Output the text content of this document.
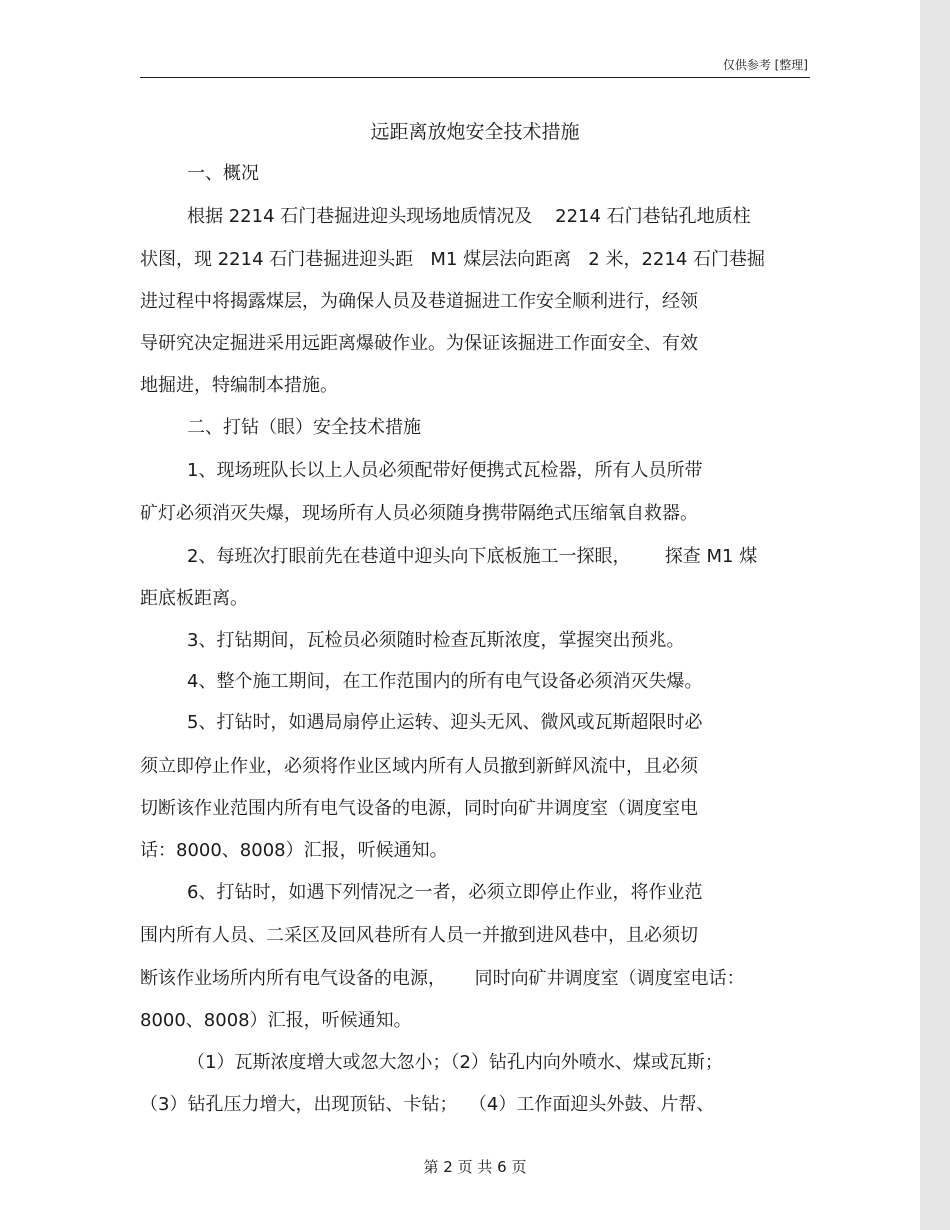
仅供参考 [整理]
远距离放炮安全技术措施
一、概况
根据 2214 石门巷掘进迎头现场地质情况及    2214 石门巷钻孔地质柱
状图，现 2214 石门巷掘进迎头距   M1 煤层法向距离   2 米，2214 石门巷掘
进过程中将揭露煤层，为确保人员及巷道掘进工作安全顺利进行，经领
导研究决定掘进采用远距离爆破作业。为保证该掘进工作面安全、有效
地掘进，特编制本措施。
二、打钻（眼）安全技术措施
1、现场班队长以上人员必须配带好便携式瓦检器，所有人员所带
矿灯必须消灭失爆，现场所有人员必须随身携带隔绝式压缩氧自救器。
2、每班次打眼前先在巷道中迎头向下底板施工一探眼，      探查 M1 煤
距底板距离。
3、打钻期间，瓦检员必须随时检查瓦斯浓度，掌握突出预兆。
4、整个施工期间，在工作范围内的所有电气设备必须消灭失爆。
5、打钻时，如遇局扇停止运转、迎头无风、微风或瓦斯超限时必
须立即停止作业，必须将作业区域内所有人员撤到新鲜风流中，且必须
切断该作业范围内所有电气设备的电源，同时向矿井调度室（调度室电
话：8000、8008）汇报，听候通知。
6、打钻时，如遇下列情况之一者，必须立即停止作业，将作业范
围内所有人员、二采区及回风巷所有人员一并撤到进风巷中，且必须切
断该作业场所内所有电气设备的电源，     同时向矿井调度室（调度室电话：
8000、8008）汇报，听候通知。
（1）瓦斯浓度增大或忽大忽小；（2）钻孔内向外喷水、煤或瓦斯；
（3）钻孔压力增大，出现顶钻、卡钻；  （4）工作面迎头外鼓、片帮、
第 2 页 共 6 页
